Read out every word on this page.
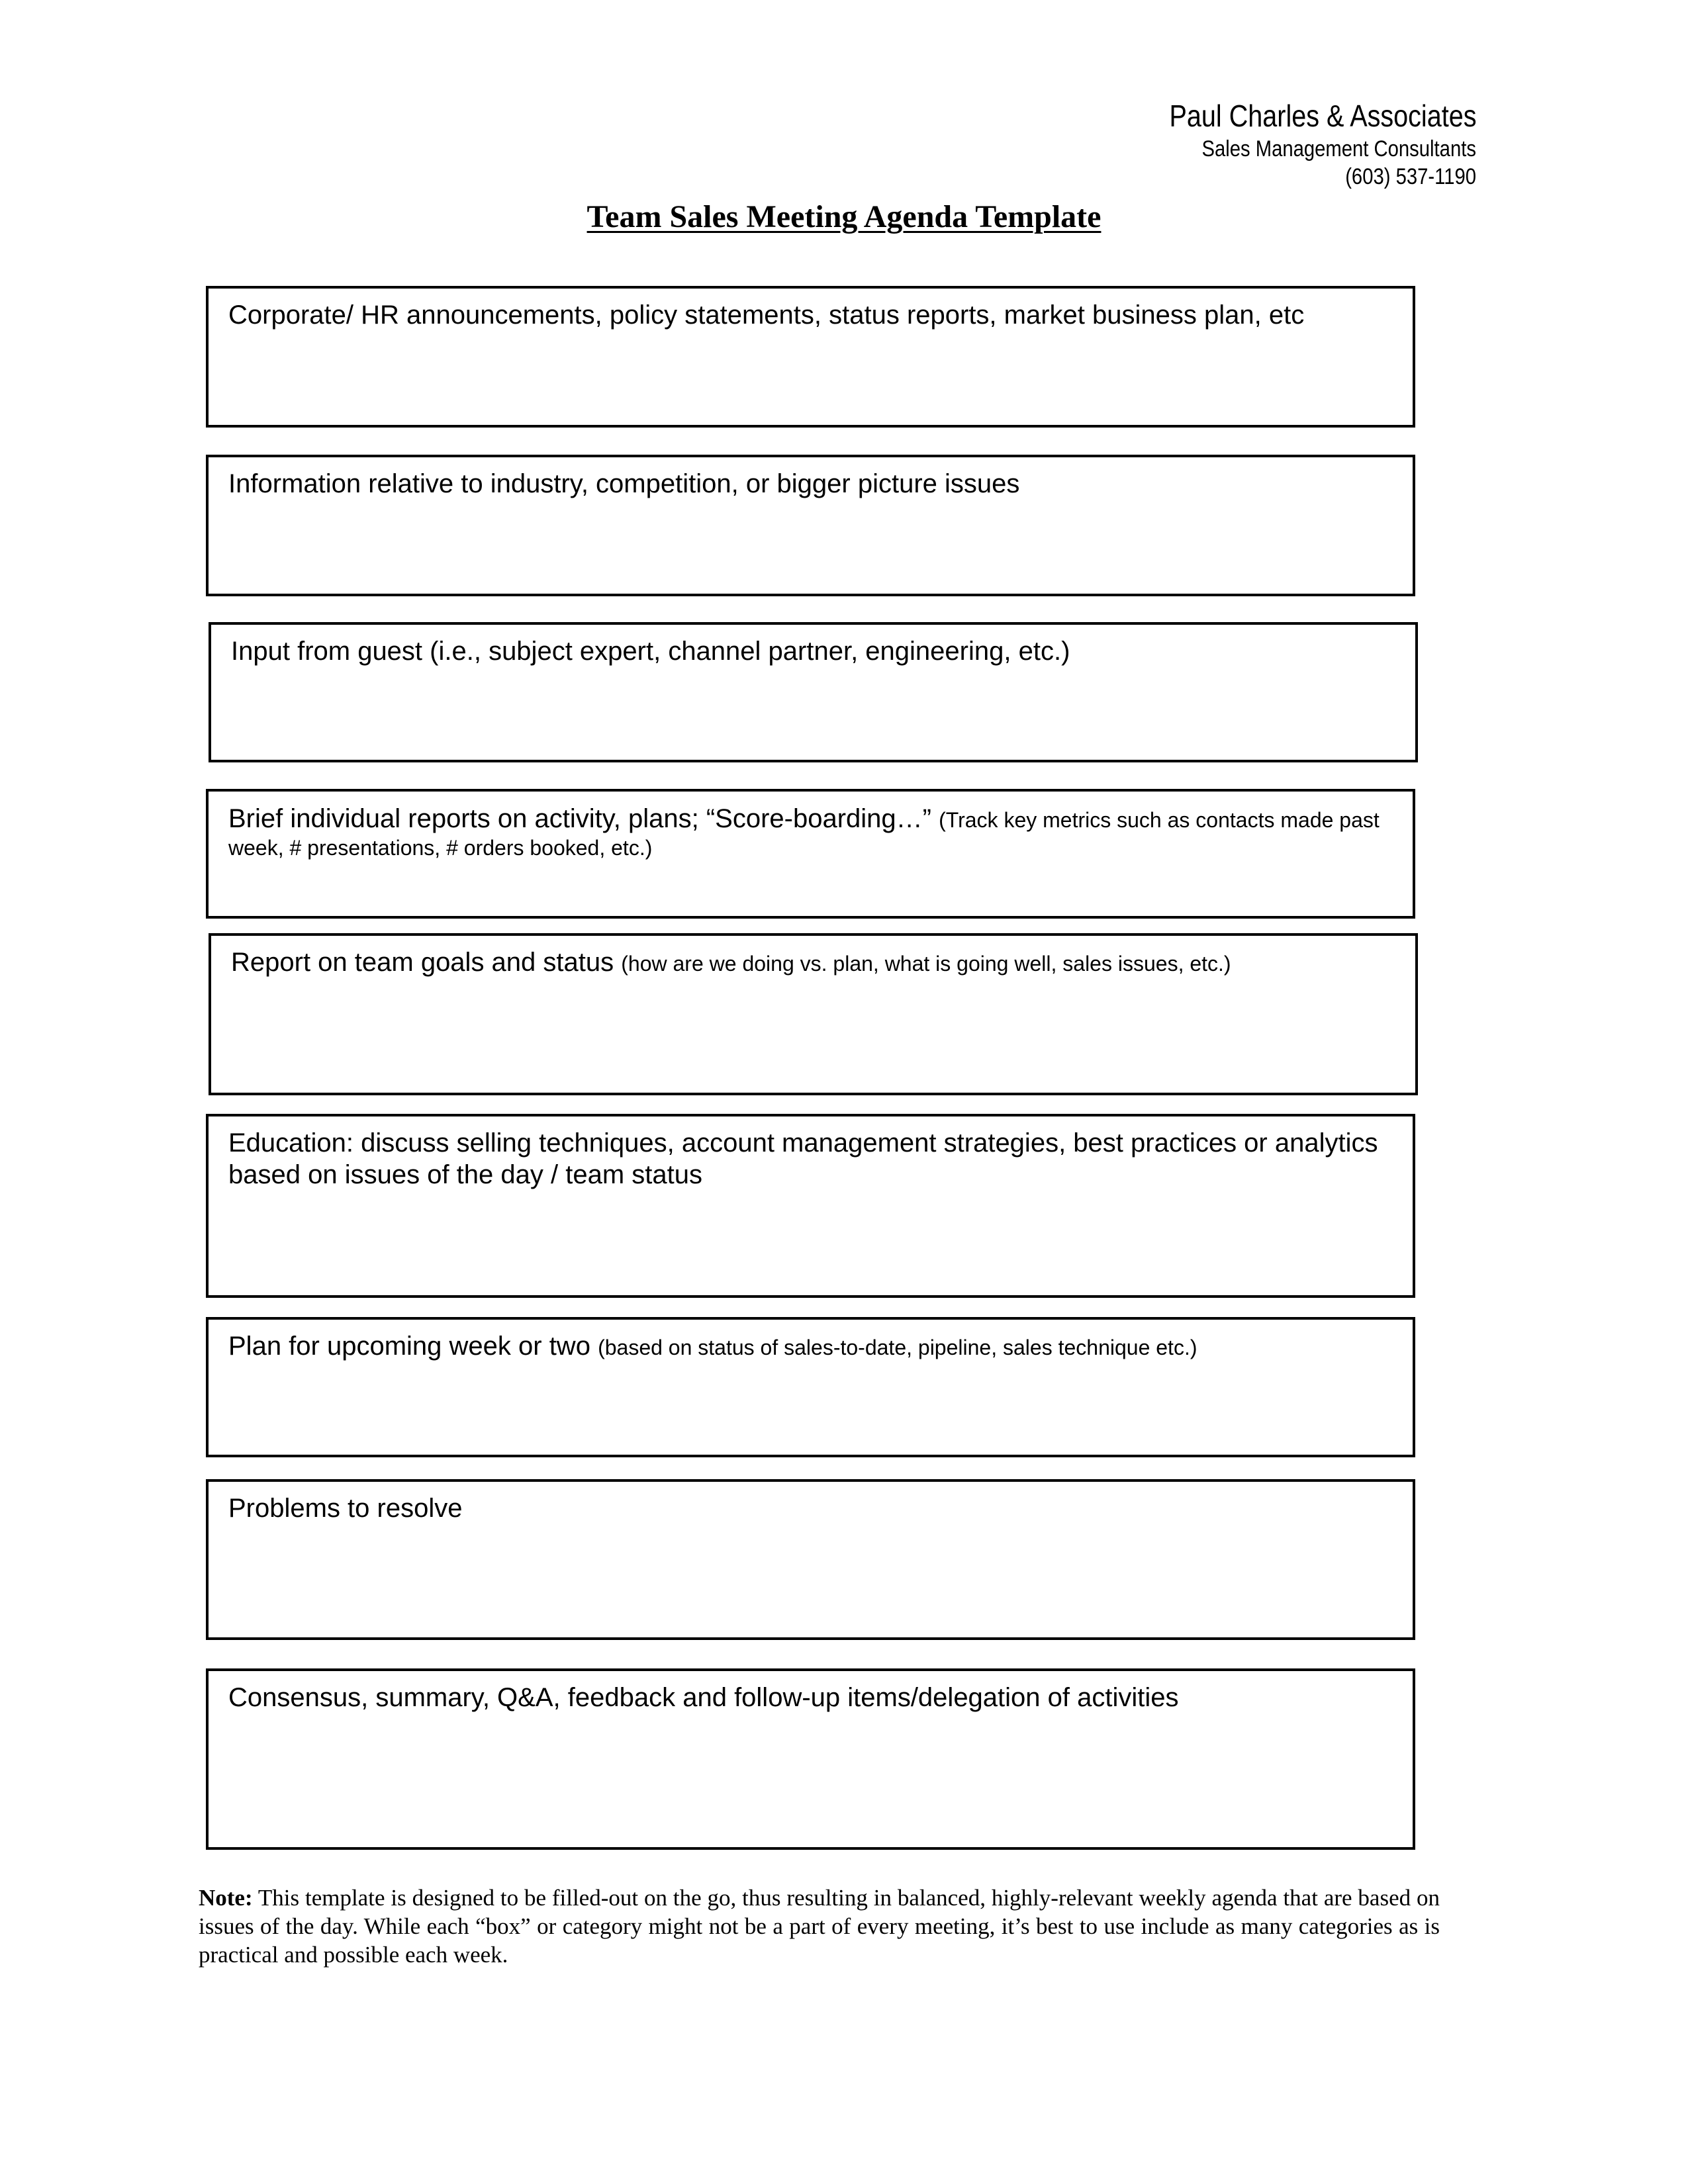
Paul Charles & Associates
Sales Management Consultants
(603) 537-1190
Team Sales Meeting Agenda Template
Corporate/ HR announcements, policy statements, status reports, market business plan, etc
Information relative to industry, competition, or bigger picture issues
Input from guest (i.e., subject expert, channel partner, engineering, etc.)
Brief individual reports on activity, plans; “Score-boarding…” (Track key metrics such as contacts made past week, # presentations, # orders booked, etc.)
Report on team goals and status (how are we doing vs. plan, what is going well, sales issues, etc.)
Education: discuss selling techniques, account management strategies, best practices or analytics based on issues of the day / team status
Plan for upcoming week or two (based on status of sales-to-date, pipeline, sales technique etc.)
Problems to resolve
Consensus, summary, Q&A, feedback and follow-up items/delegation of activities
Note: This template is designed to be filled-out on the go, thus resulting in balanced, highly-relevant weekly agenda that are based on issues of the day. While each “box” or category might not be a part of every meeting, it’s best to use include as many categories as is practical and possible each week.
